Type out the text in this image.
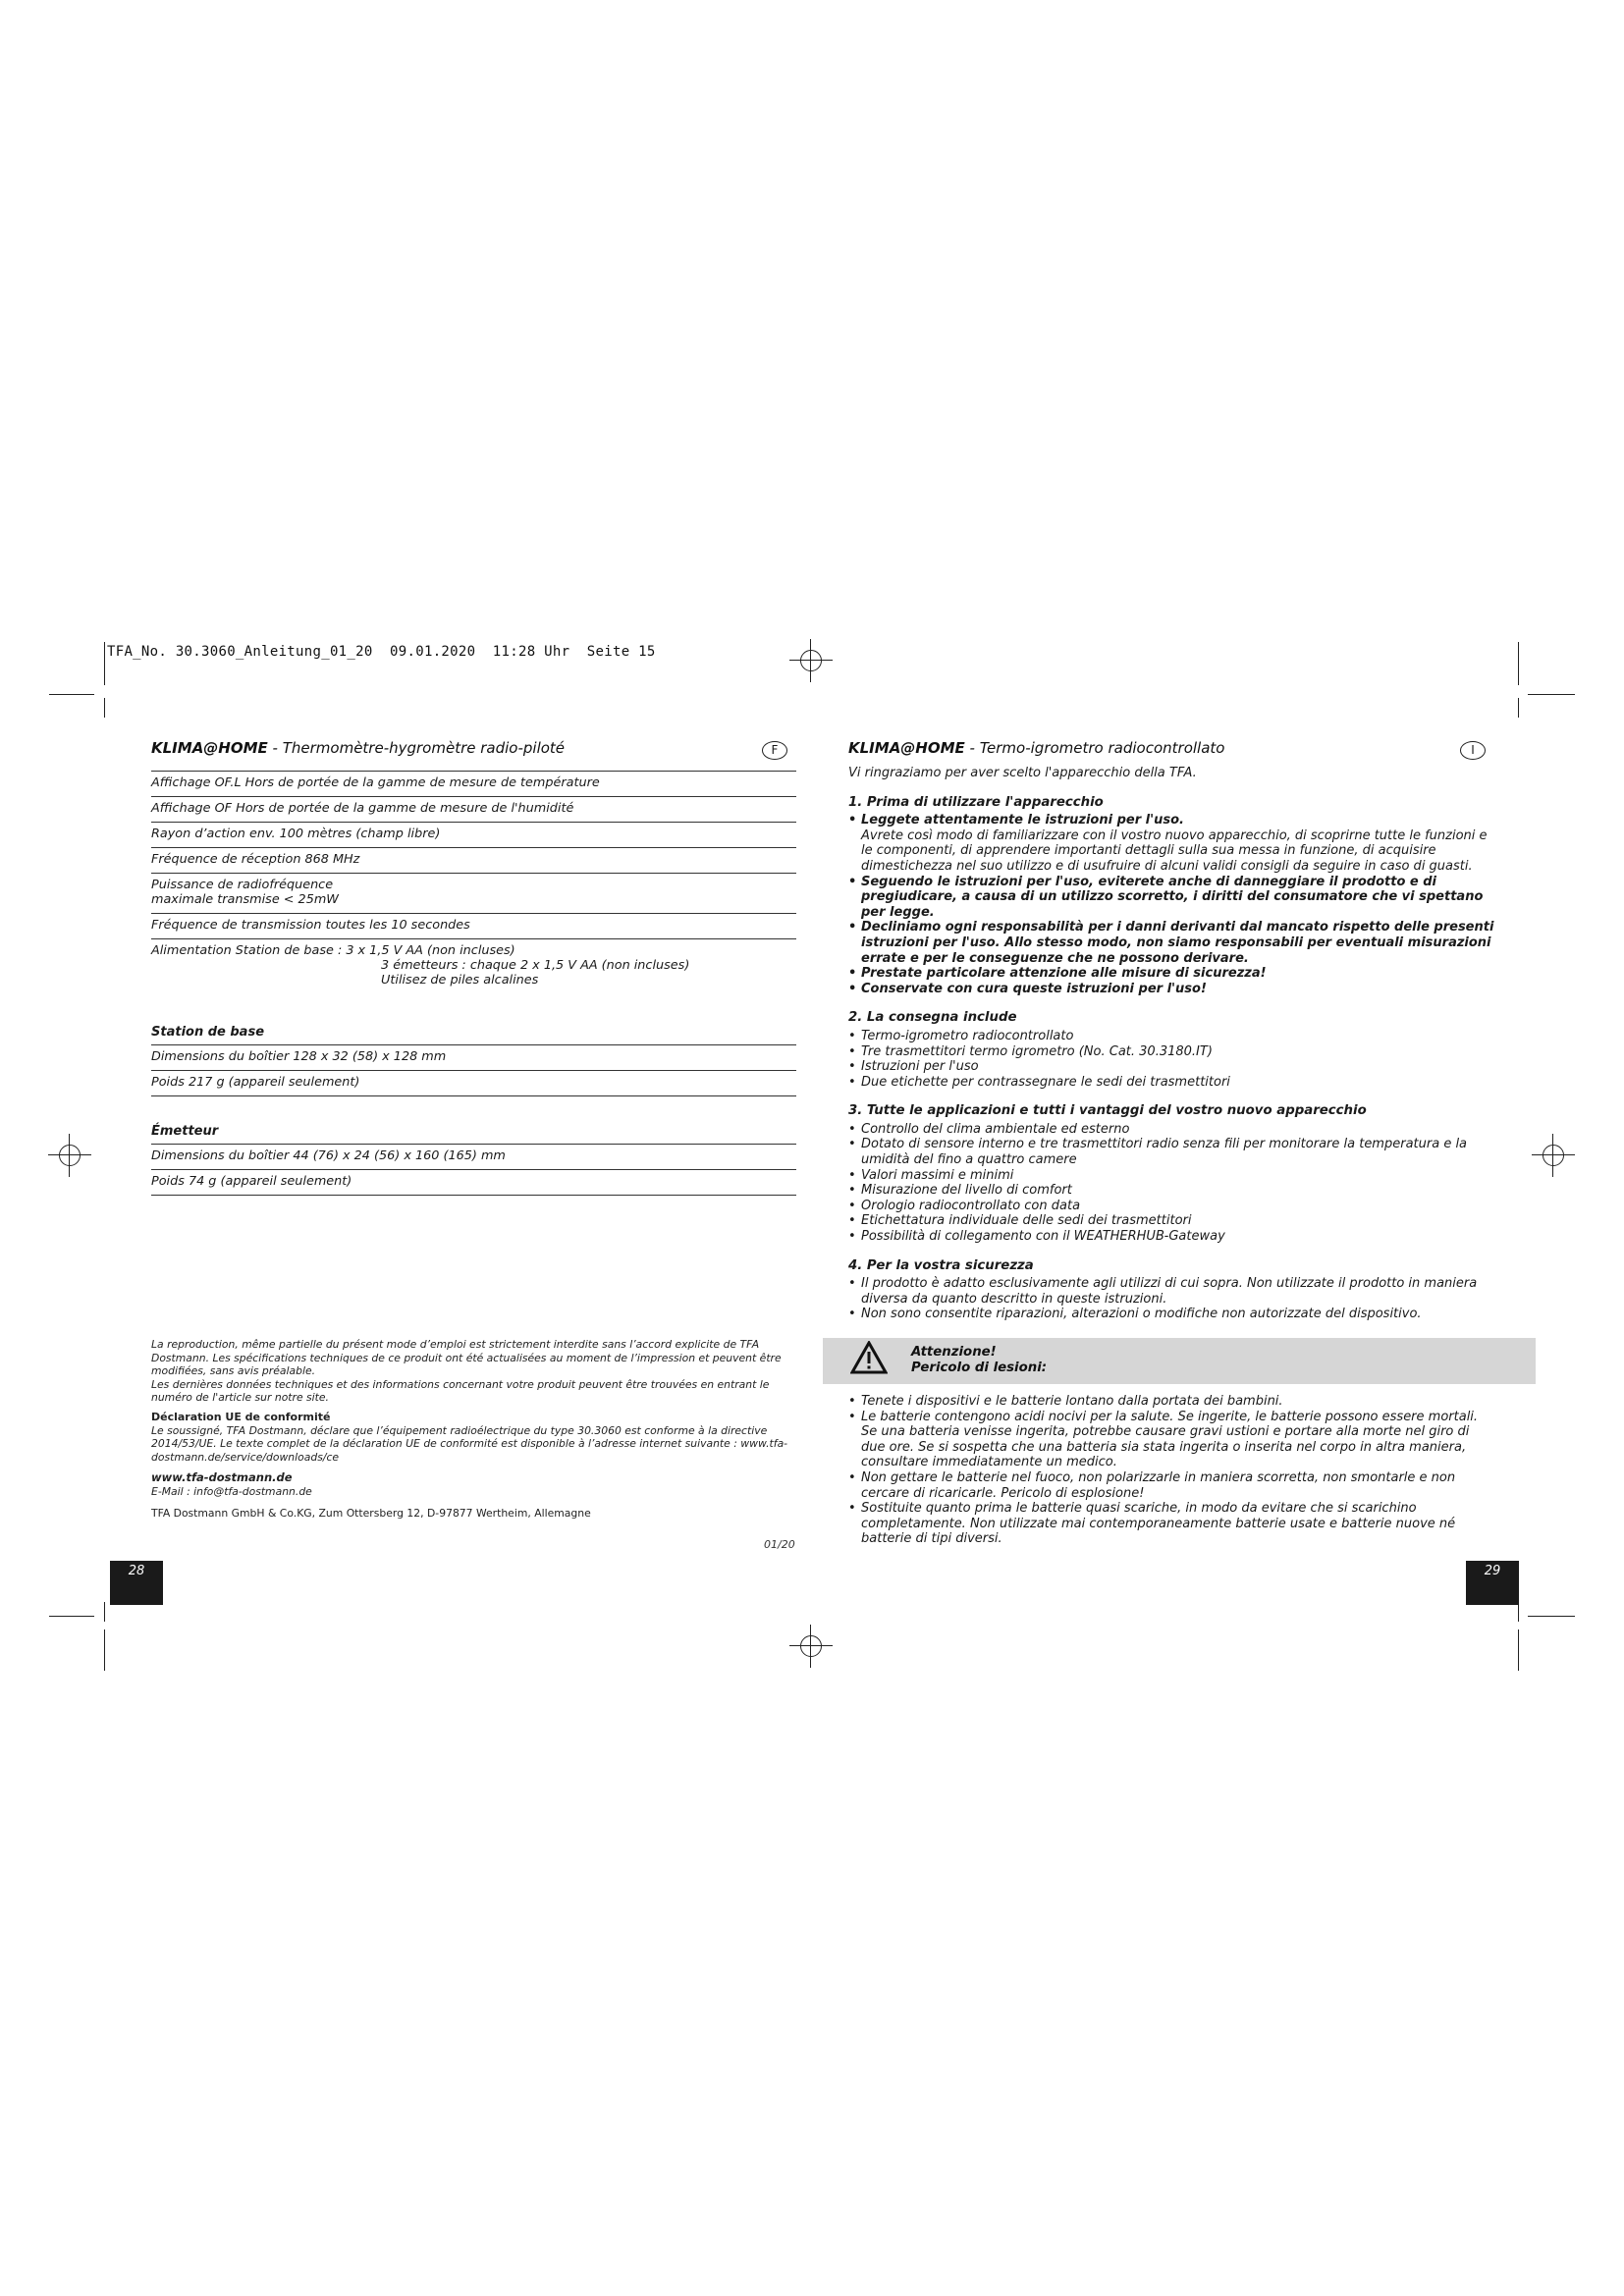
TFA_No. 30.3060_Anleitung_01_20  09.01.2020  11:28 Uhr  Seite 15
KLIMA@HOME - Thermomètre-hygromètre radio-piloté	F
Affichage OF.L Hors de portée de la gamme de mesure de température
Affichage OF Hors de portée de la gamme de mesure de l'humidité
Rayon d’action env. 100 mètres (champ libre)
Fréquence de réception 868 MHz
Puissance de radiofréquence
maximale transmise < 25mW
Fréquence de transmission toutes les 10 secondes
Alimentation Station de base : 3 x 1,5 V AA (non incluses)
3 émetteurs : chaque 2 x 1,5 V AA (non incluses)
Utilisez de piles alcalines
Station de base
Dimensions du boîtier 128 x 32 (58) x 128 mm
Poids 217 g (appareil seulement)
Émetteur
Dimensions du boîtier 44 (76) x 24 (56) x 160 (165) mm
Poids 74 g (appareil seulement)

La reproduction, même partielle du présent mode d’emploi est strictement interdite sans l’accord explicite de TFA Dostmann. Les spécifications techniques de ce produit ont été actualisées au moment de l’impression et peuvent être modifiées, sans avis préalable.

Les dernières données techniques et des informations concernant votre produit peuvent être trouvées en entrant le numéro de l'article sur notre site.

Déclaration UE de conformité

Le soussigné, TFA Dostmann, déclare que l’équipement radioélectrique du type 30.3060 est conforme à la directive 2014/53/UE. Le texte complet de la déclaration UE de conformité est disponible à l’adresse internet suivante : www.tfa-dostmann.de/service/downloads/ce

www.tfa-dostmann.de

E-Mail : info@tfa-dostmann.de

TFA Dostmann GmbH & Co.KG, Zum Ottersberg 12, D-97877 Wertheim, Allemagne

01/20
28
KLIMA@HOME - Termo-igrometro radiocontrollato	I

Vi ringraziamo per aver scelto l'apparecchio della TFA.

1. Prima di utilizzare l'apparecchio

• Leggete attentamente le istruzioni per l'uso.
Avrete così modo di familiarizzare con il vostro nuovo apparecchio, di scoprirne tutte le funzioni e le componenti, di apprendere importanti dettagli sulla sua messa in funzione, di acquisire dimestichezza nel suo utilizzo e di usufruire di alcuni validi consigli da seguire in caso di guasti.
• Seguendo le istruzioni per l'uso, eviterete anche di danneggiare il prodotto e di pregiudicare, a causa di un utilizzo scorretto, i diritti del consumatore che vi spettano per legge.
• Decliniamo ogni responsabilità per i danni derivanti dal mancato rispetto delle presenti istruzioni per l'uso. Allo stesso modo, non siamo responsabili per eventuali misurazioni errate e per le conseguenze che ne possono derivare.
• Prestate particolare attenzione alle misure di sicurezza!
• Conservate con cura queste istruzioni per l'uso!

2. La consegna include

• Termo-igrometro radiocontrollato
• Tre trasmettitori termo igrometro (No. Cat. 30.3180.IT)
• Istruzioni per l'uso
• Due etichette per contrassegnare le sedi dei trasmettitori

3. Tutte le applicazioni e tutti i vantaggi del vostro nuovo apparecchio

• Controllo del clima ambientale ed esterno
• Dotato di sensore interno e tre trasmettitori radio senza fili per monitorare la temperatura e la umidità del fino a quattro camere
• Valori massimi e minimi
• Misurazione del livello di comfort
• Orologio radiocontrollato con data
• Etichettatura individuale delle sedi dei trasmettitori
• Possibilità di collegamento con il WEATHERHUB-Gateway

4. Per la vostra sicurezza

• Il prodotto è adatto esclusivamente agli utilizzi di cui sopra. Non utilizzate il prodotto in maniera diversa da quanto descritto in queste istruzioni.
• Non sono consentite riparazioni, alterazioni o modifiche non autorizzate del dispositivo.
Attenzione!
Pericolo di lesioni:
• Tenete i dispositivi e le batterie lontano dalla portata dei bambini.
• Le batterie contengono acidi nocivi per la salute. Se ingerite, le batterie possono essere mortali. Se una batteria venisse ingerita, potrebbe causare gravi ustioni e portare alla morte nel giro di due ore. Se si sospetta che una batteria sia stata ingerita o inserita nel corpo in altra maniera, consultare immediatamente un medico.
• Non gettare le batterie nel fuoco, non polarizzarle in maniera scorretta, non smontarle e non cercare di ricaricarle. Pericolo di esplosione!
• Sostituite quanto prima le batterie quasi scariche, in modo da evitare che si scarichino completamente. Non utilizzate mai contemporaneamente batterie usate e batterie nuove né batterie di tipi diversi.
29
